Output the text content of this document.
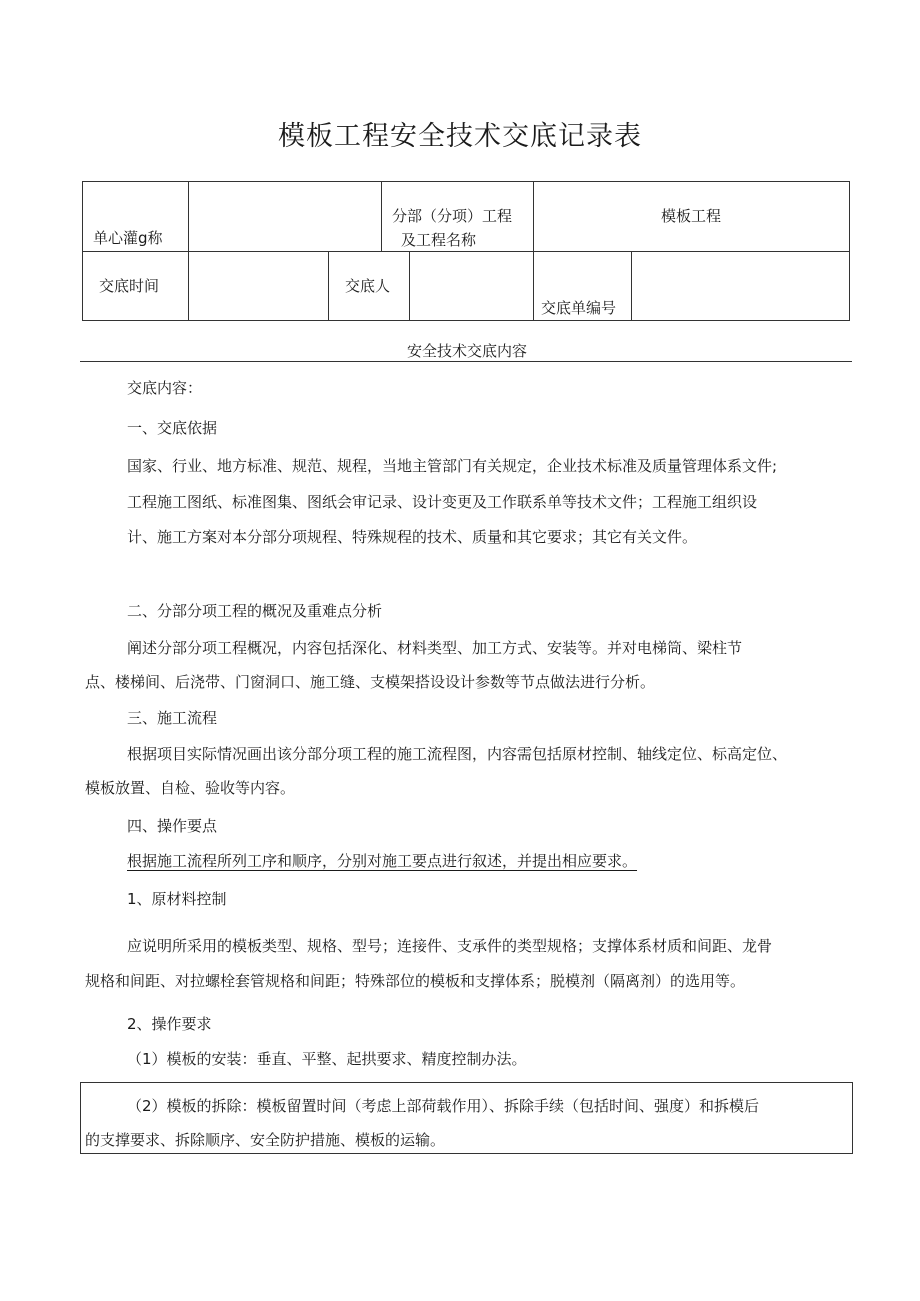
模板工程安全技术交底记录表
单心灌g称
分部（分项）工程
及工程名称
模板工程
交底时间	交底人
交底单编号
安全技术交底内容
交底内容：
一、交底依据
国家、行业、地方标准、规范、规程，当地主管部门有关规定，企业技术标准及质量管理体系文件;
工程施工图纸、标准图集、图纸会审记录、设计变更及工作联系单等技术文件；工程施工组织设
计、施工方案对本分部分项规程、特殊规程的技术、质量和其它要求；其它有关文件。
二、分部分项工程的概况及重难点分析
阐述分部分项工程概况，内容包括深化、材料类型、加工方式、安装等。并对电梯筒、梁柱节
点、楼梯间、后浇带、门窗洞口、施工缝、支模架搭设设计参数等节点做法进行分析。
三、施工流程
根据项目实际情况画出该分部分项工程的施工流程图，内容需包括原材控制、轴线定位、标高定位、
模板放置、自检、验收等内容。
四、操作要点
根据施工流程所列工序和顺序，分别对施工要点进行叙述，并提出相应要求。
1、原材料控制
应说明所采用的模板类型、规格、型号；连接件、支承件的类型规格；支撑体系材质和间距、龙骨
规格和间距、对拉螺栓套管规格和间距；特殊部位的模板和支撑体系；脱模剂（隔离剂）的选用等。
2、操作要求
（1）模板的安装：垂直、平整、起拱要求、精度控制办法。
（2）模板的拆除：模板留置时间（考虑上部荷载作用）、拆除手续（包括时间、强度）和拆模后
的支撑要求、拆除顺序、安全防护措施、模板的运输。
